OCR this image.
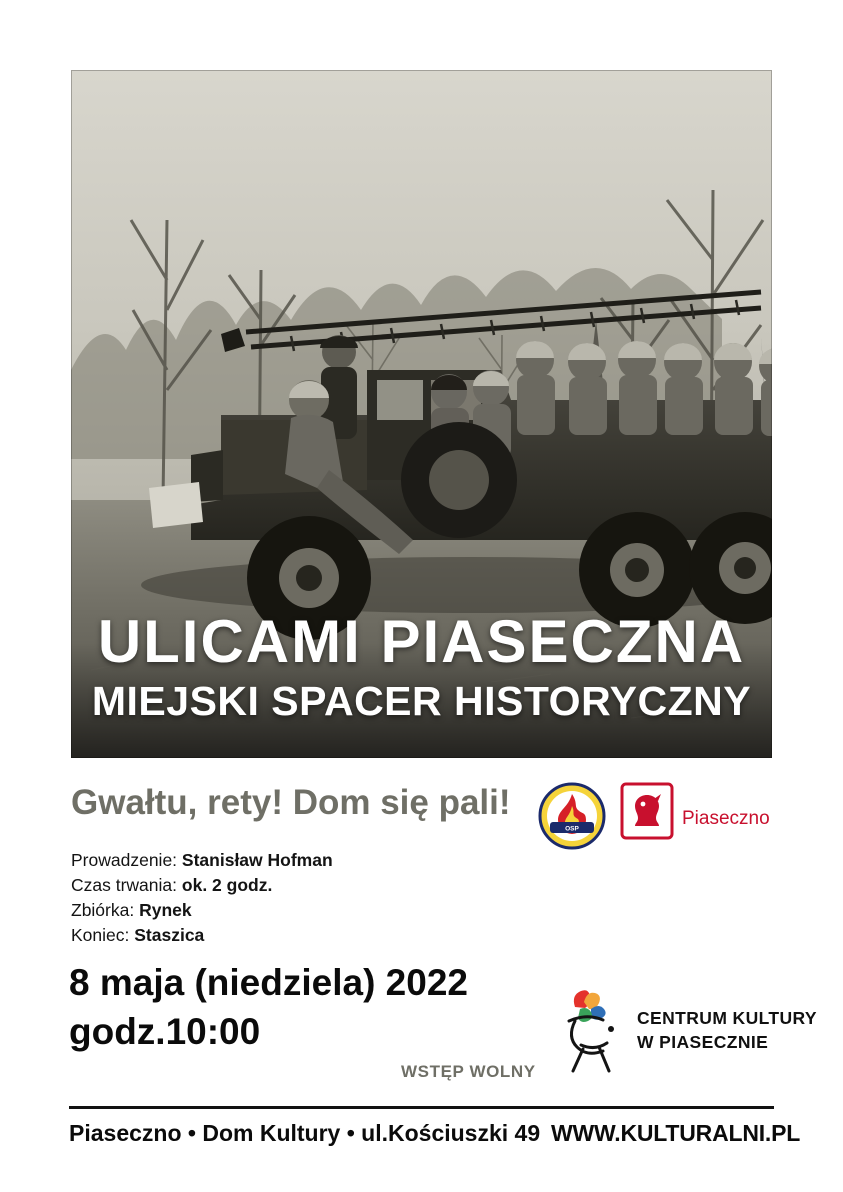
ULICAMI PIASECZNA
MIEJSKI SPACER HISTORYCZNY
Gwałtu, rety! Dom się pali!
Prowadzenie: Stanisław Hofman
Czas trwania: ok. 2 godz.
Zbiórka: Rynek
Koniec: Staszica
8 maja (niedziela) 2022
godz.10:00
WSTĘP WOLNY
Piaseczno • Dom Kultury • ul.Kościuszki 49 WWW.KULTURALNI.PL
OSP	Piaseczno
CENTRUM KULTURY
W PIASECZNIE
